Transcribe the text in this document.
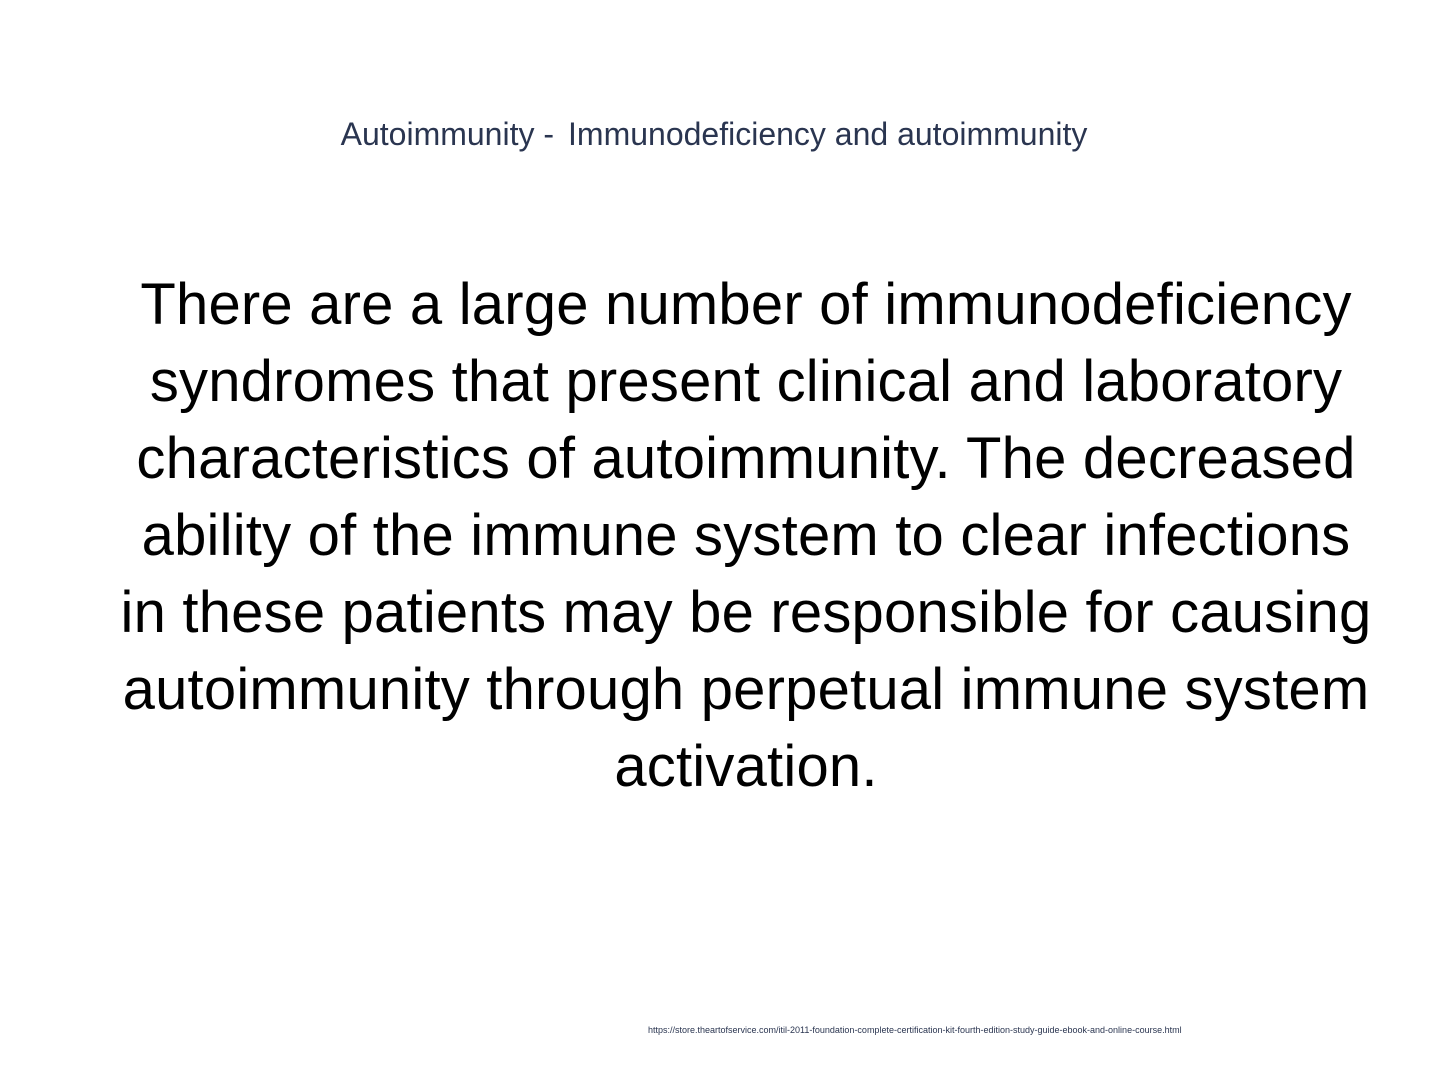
Autoimmunity - Immunodeficiency and autoimmunity
There are a large number of immunodeficiency syndromes that present clinical and laboratory characteristics of autoimmunity. The decreased ability of the immune system to clear infections in these patients may be responsible for causing autoimmunity through perpetual immune system activation.
https://store.theartofservice.com/itil-2011-foundation-complete-certification-kit-fourth-edition-study-guide-ebook-and-online-course.html
